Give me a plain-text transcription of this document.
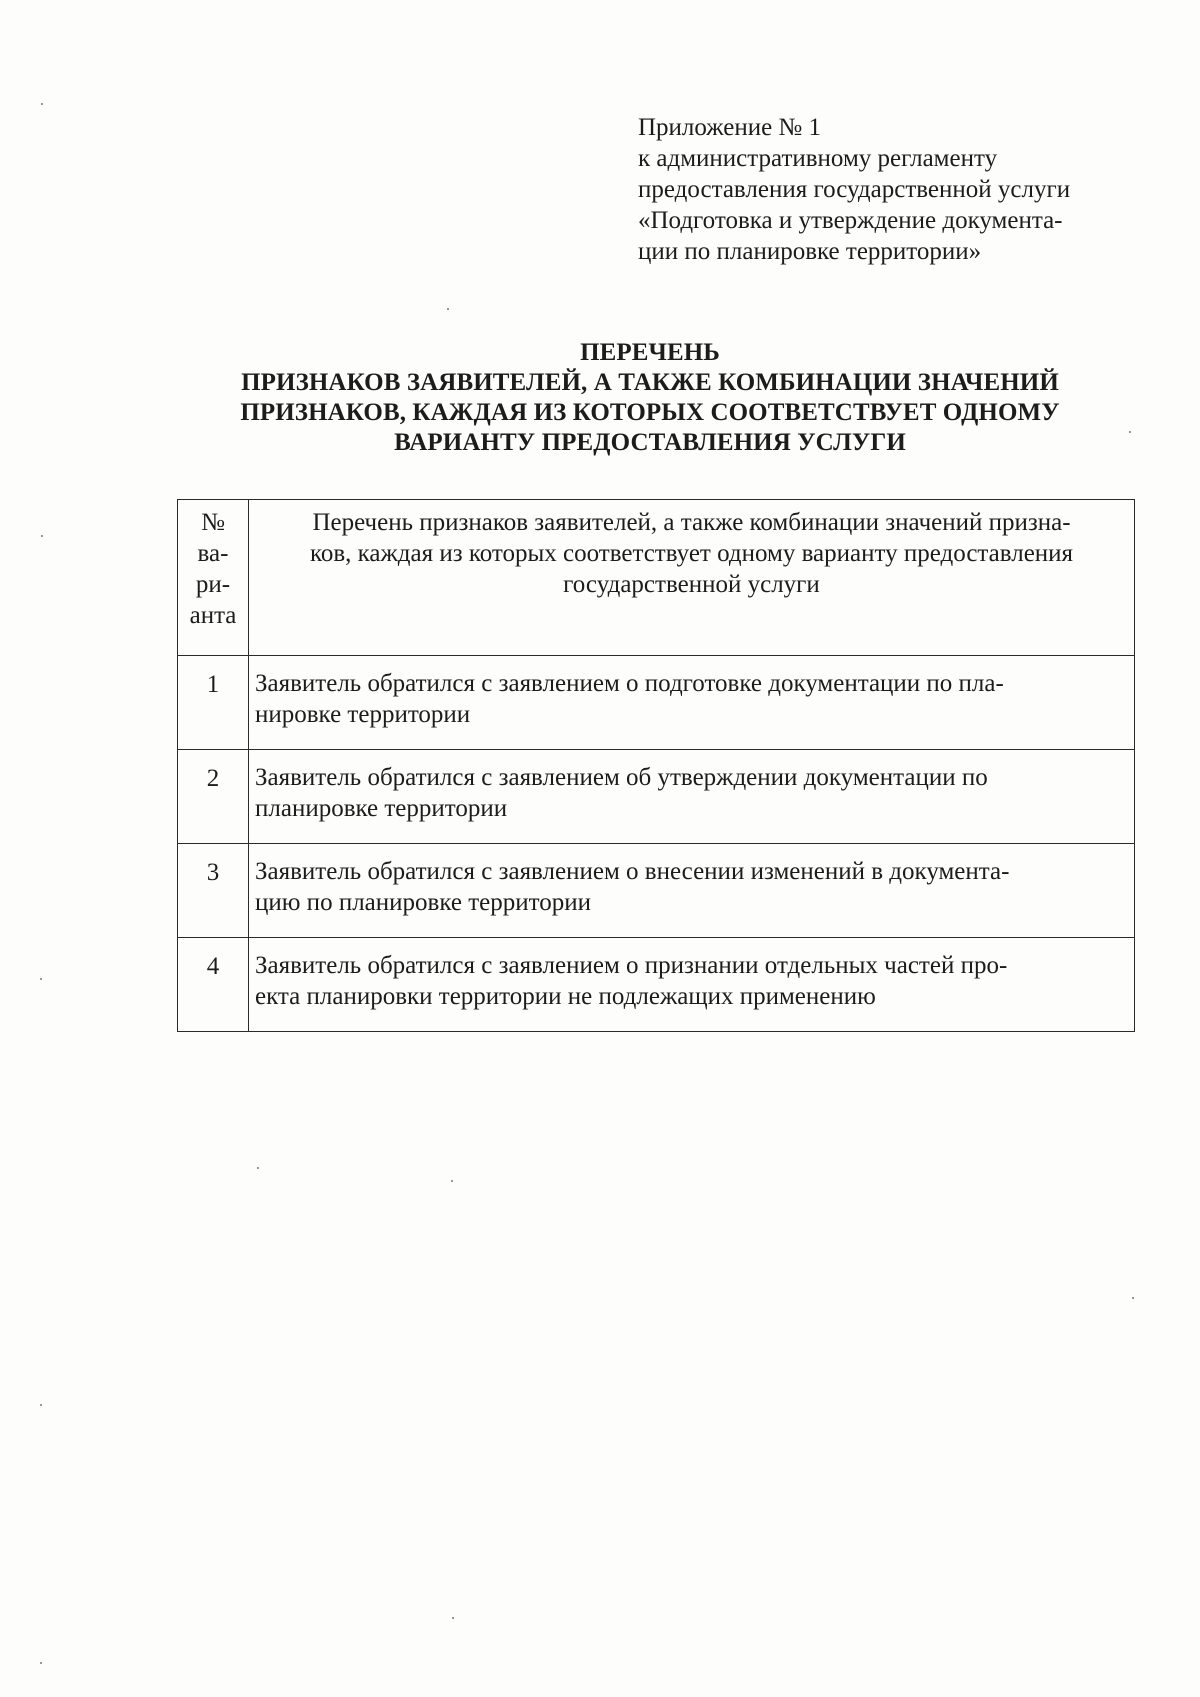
Приложение № 1
к административному регламенту
предоставления государственной услуги
«Подготовка и утверждение документа-
ции по планировке территории»
ПЕРЕЧЕНЬ
ПРИЗНАКОВ ЗАЯВИТЕЛЕЙ, А ТАКЖЕ КОМБИНАЦИИ ЗНАЧЕНИЙ
ПРИЗНАКОВ, КАЖДАЯ ИЗ КОТОРЫХ СООТВЕТСТВУЕТ ОДНОМУ
ВАРИАНТУ ПРЕДОСТАВЛЕНИЯ УСЛУГИ
№
ва-
ри-
анта	Перечень признаков заявителей, а также комбинации значений призна-
ков, каждая из которых соответствует одному варианту предоставления
государственной услуги

1	Заявитель обратился с заявлением о подготовке документации по пла-
нировке территории

2	Заявитель обратился с заявлением об утверждении документации по
планировке территории

3	Заявитель обратился с заявлением о внесении изменений в документа-
цию по планировке территории

4	Заявитель обратился с заявлением о признании отдельных частей про-
екта планировки территории не подлежащих применению
